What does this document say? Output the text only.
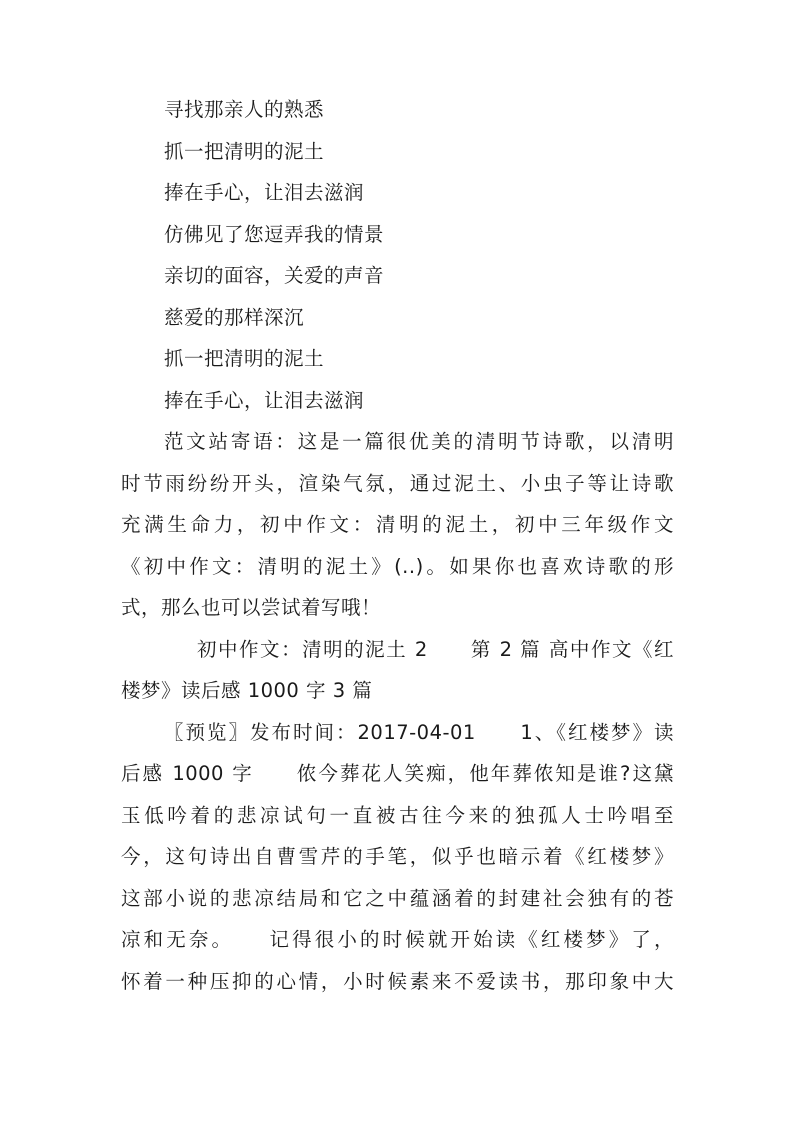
寻找那亲人的熟悉
抓一把清明的泥土
捧在手心，让泪去滋润
仿佛见了您逗弄我的情景
亲切的面容，关爱的声音
慈爱的那样深沉
抓一把清明的泥土
捧在手心，让泪去滋润
范文站寄语：这是一篇很优美的清明节诗歌，以清明
时节雨纷纷开头，渲染气氛，通过泥土、小虫子等让诗歌
充满生命力，初中作文：清明的泥土，初中三年级作文
《初中作文：清明的泥土》(..)。如果你也喜欢诗歌的形
式，那么也可以尝试着写哦！
初中作文：清明的泥土 2　　第 2 篇 高中作文《红
楼梦》读后感 1000 字 3 篇
〖预览〗发布时间：2017-04-01　　1、《红楼梦》读
后感 1000 字　　侬今葬花人笑痴，他年葬侬知是谁?这黛
玉低吟着的悲凉试句一直被古往今来的独孤人士吟唱至
今，这句诗出自曹雪芹的手笔，似乎也暗示着《红楼梦》
这部小说的悲凉结局和它之中蕴涵着的封建社会独有的苍
凉和无奈。　　记得很小的时候就开始读《红楼梦》了，
怀着一种压抑的心情，小时候素来不爱读书，那印象中大
